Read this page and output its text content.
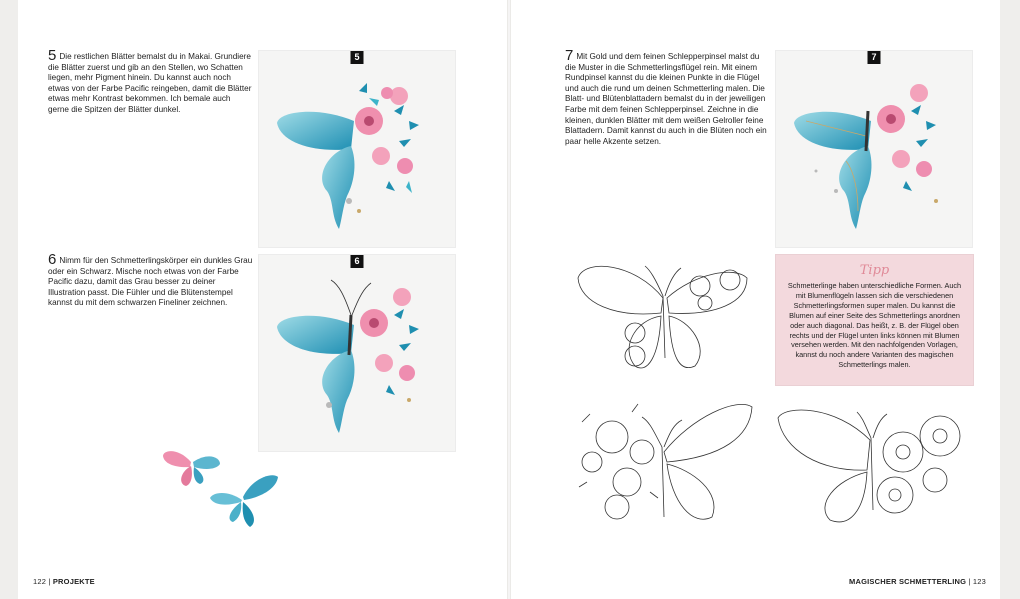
5 Die restlichen Blätter bemalst du in Makai. Grundiere die Blätter zuerst und gib an den Stellen, wo Schatten liegen, mehr Pigment hinein. Du kannst auch noch etwas von der Farbe Pacific reingeben, damit die Blätter etwas mehr Kontrast bekommen. Ich bemale auch gerne die Spitzen der Blätter dunkel.
5
6 Nimm für den Schmetterlingskörper ein dunkles Grau oder ein Schwarz. Mische noch etwas von der Farbe Pacific dazu, damit das Grau besser zu deiner Illustration passt. Die Fühler und die Blütenstempel kannst du mit dem schwarzen Fineliner zeichnen.
6
7 Mit Gold und dem feinen Schlepperpinsel malst du die Muster in die Schmetterlingsflügel rein. Mit einem Rundpinsel kannst du die kleinen Punkte in die Flügel und auch die rund um deinen Schmetterling malen. Die Blatt- und Blütenblattadern bemalst du in der jeweiligen Farbe mit dem feinen Schlepperpinsel. Zeichne in die kleinen, dunklen Blätter mit dem weißen Gelroller feine Blattadern. Damit kannst du auch in die Blüten noch ein paar helle Akzente setzen.
7
Tipp
Schmetterlinge haben unterschiedliche Formen. Auch mit Blumenflügeln lassen sich die verschiedenen Schmetterlingsformen super malen. Du kannst die Blumen auf einer Seite des Schmetterlings anordnen oder auch diagonal. Das heißt, z. B. der Flügel oben rechts und der Flügel unten links können mit Blumen versehen werden. Mit den nachfolgenden Vorlagen, kannst du noch andere Varianten des magischen Schmetterlings malen.
122 | PROJEKTE	MAGISCHER SCHMETTERLING | 123
